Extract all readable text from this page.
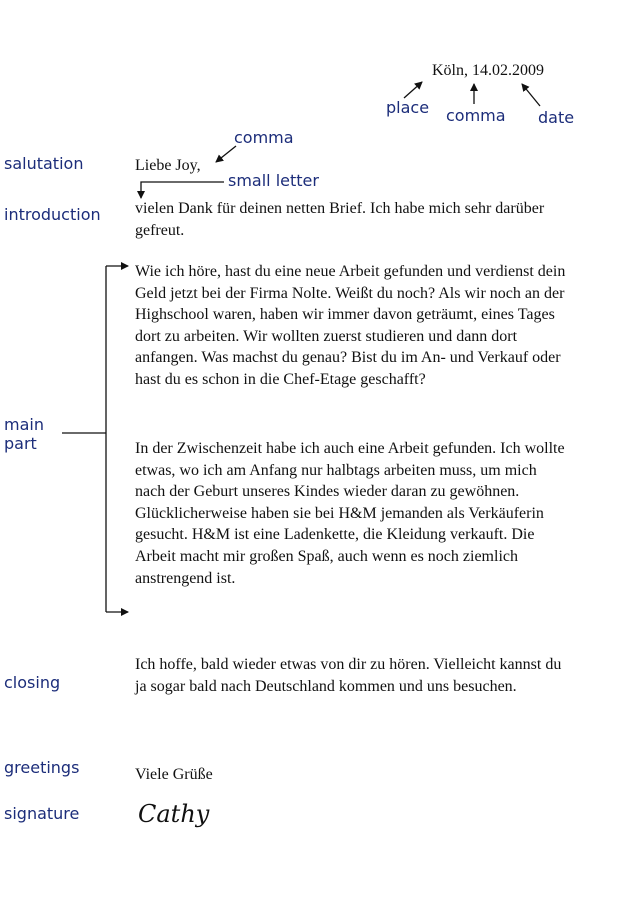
salutation
introduction
main
part
closing
greetings
signature
place comma date
comma
small letter
Köln, 14.02.2009
Liebe Joy,
vielen Dank für deinen netten Brief. Ich habe mich sehr darüber gefreut.
Wie ich höre, hast du eine neue Arbeit gefunden und verdienst dein Geld jetzt bei der Firma Nolte. Weißt du noch? Als wir noch an der Highschool waren, haben wir immer davon geträumt, eines Tages dort zu arbeiten. Wir wollten zuerst studieren und dann dort anfangen. Was machst du genau? Bist du im An- und Verkauf oder hast du es schon in die Chef-Etage geschafft?
In der Zwischenzeit habe ich auch eine Arbeit gefunden. Ich wollte etwas, wo ich am Anfang nur halbtags arbeiten muss, um mich nach der Geburt unseres Kindes wieder daran zu gewöhnen. Glücklicherweise haben sie bei H&M jemanden als Verkäuferin gesucht. H&M ist eine Ladenkette, die Kleidung verkauft. Die Arbeit macht mir großen Spaß, auch wenn es noch ziemlich anstrengend ist.
Ich hoffe, bald wieder etwas von dir zu hören. Vielleicht kannst du ja sogar bald nach Deutschland kommen und uns besuchen.
Viele Grüße
Cathy
